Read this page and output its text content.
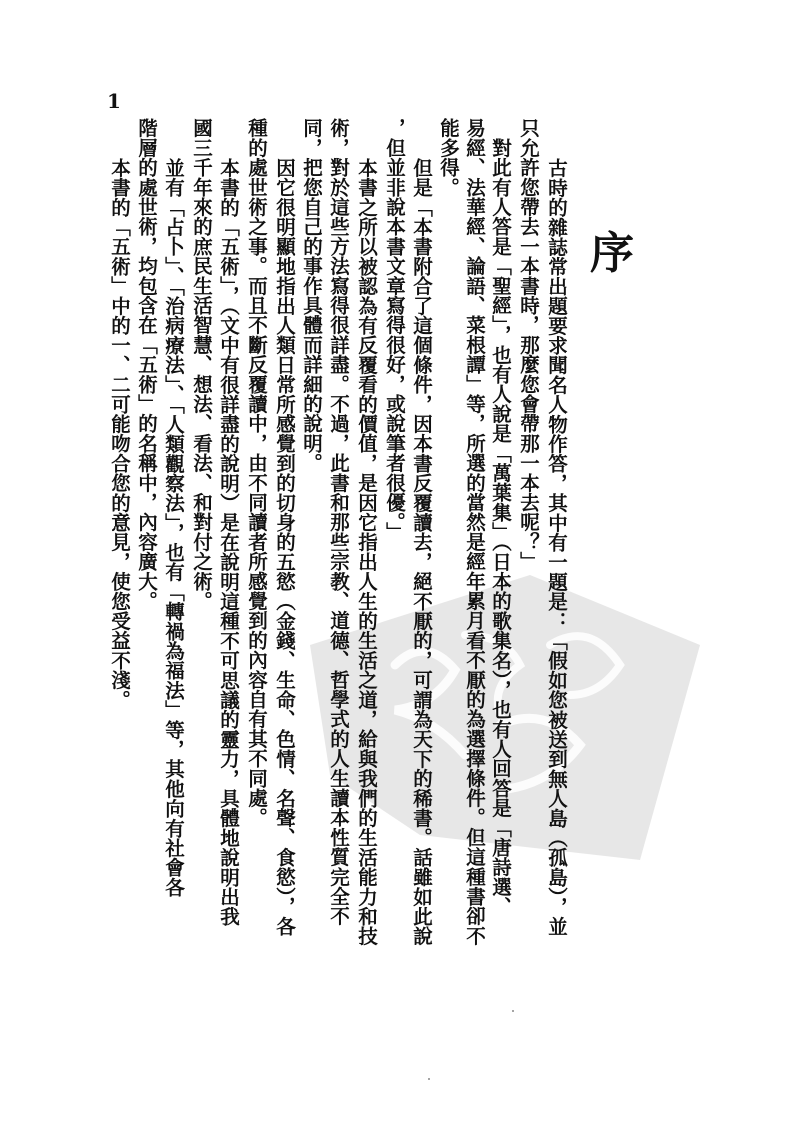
序
1
古時的雜誌常出題要求聞名人物作答，其中有一題是：「假如您被送到無人島（孤島），並
只允許您帶去一本書時，那麼您會帶那一本去呢？」
　對此有人答是「聖經」，也有人說是「萬葉集」（日本的歌集名），也有人回答是「唐詩選、
易經、法華經、論語、菜根譚」等，所選的當然是經年累月看不厭的為選擇條件。但這種書卻不
能多得。
　但是「本書附合了這個條件，因本書反覆讀去，絕不厭的，可謂為天下的稀書。話雖如此說
，但並非說本書文章寫得很好，或說筆者很優。」
　本書之所以被認為有反覆看的價值，是因它指出人生的生活之道，給與我們的生活能力和技
術，對於這些方法寫得很詳盡。不過，此書和那些宗教、道德、哲學式的人生讀本性質完全不
同，把您自己的事作具體而詳細的說明。
　因它很明顯地指出人類日常所感覺到的切身的五慾（金錢、生命、色情、名聲、食慾），各
種的處世術之事。而且不斷反覆讀中，由不同讀者所感覺到的內容自有其不同處。
　本書的「五術」，（文中有很詳盡的說明）是在說明這種不可思議的靈力，具體地說明出我
國三千年來的庶民生活智慧、想法、看法、和對付之術。
　並有「占卜」、「治病療法」、「人類觀察法」，也有「轉禍為福法」等，其他向有社會各
階層的處世術，均包含在「五術」的名稱中，內容廣大。
　本書的「五術」中的一、二可能吻合您的意見，使您受益不淺。
